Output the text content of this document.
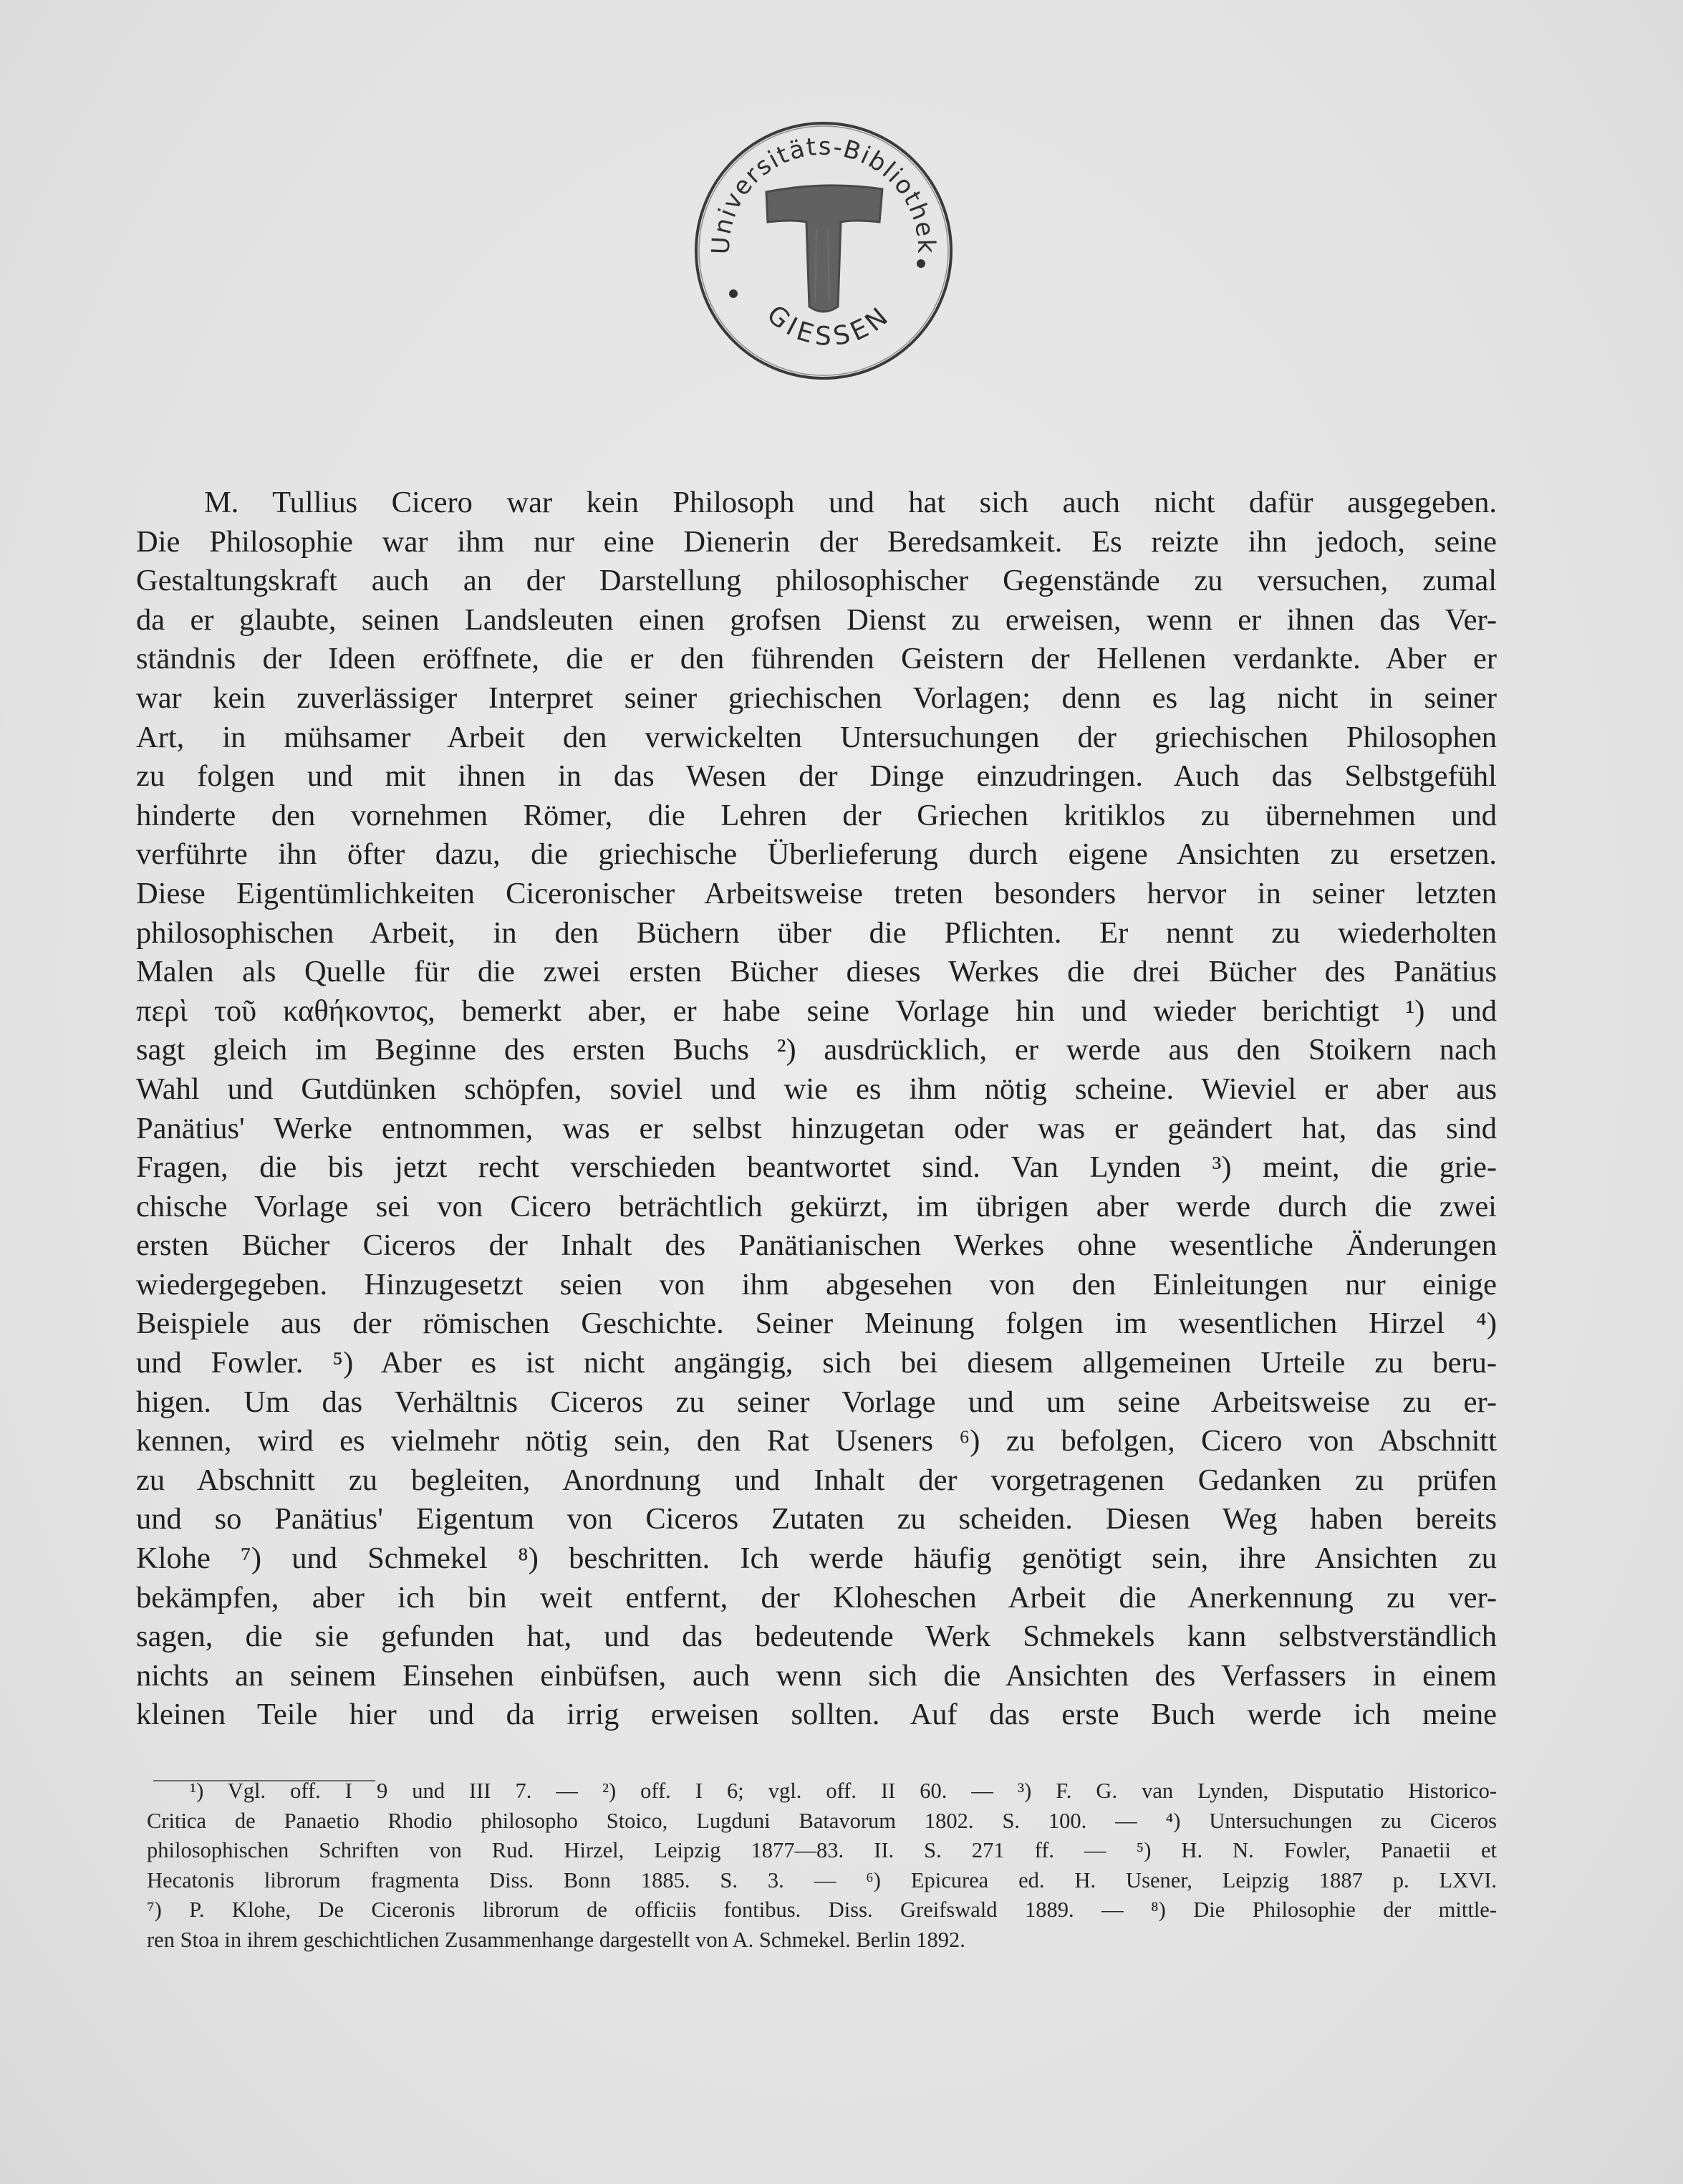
Universitäts-Bibliothek
GIESSEN
M. Tullius Cicero war kein Philosoph und hat sich auch nicht dafür ausgegeben.
Die Philosophie war ihm nur eine Dienerin der Beredsamkeit. Es reizte ihn jedoch, seine
Gestaltungskraft auch an der Darstellung philosophischer Gegenstände zu versuchen, zumal
da er glaubte, seinen Landsleuten einen grofsen Dienst zu erweisen, wenn er ihnen das Ver-
ständnis der Ideen eröffnete, die er den führenden Geistern der Hellenen verdankte. Aber er
war kein zuverlässiger Interpret seiner griechischen Vorlagen; denn es lag nicht in seiner
Art, in mühsamer Arbeit den verwickelten Untersuchungen der griechischen Philosophen
zu folgen und mit ihnen in das Wesen der Dinge einzudringen. Auch das Selbstgefühl
hinderte den vornehmen Römer, die Lehren der Griechen kritiklos zu übernehmen und
verführte ihn öfter dazu, die griechische Überlieferung durch eigene Ansichten zu ersetzen.
Diese Eigentümlichkeiten Ciceronischer Arbeitsweise treten besonders hervor in seiner letzten
philosophischen Arbeit, in den Büchern über die Pflichten. Er nennt zu wiederholten
Malen als Quelle für die zwei ersten Bücher dieses Werkes die drei Bücher des Panätius
περὶ τοῦ καθήκοντος, bemerkt aber, er habe seine Vorlage hin und wieder berichtigt ¹) und
sagt gleich im Beginne des ersten Buchs ²) ausdrücklich, er werde aus den Stoikern nach
Wahl und Gutdünken schöpfen, soviel und wie es ihm nötig scheine. Wieviel er aber aus
Panätius' Werke entnommen, was er selbst hinzugetan oder was er geändert hat, das sind
Fragen, die bis jetzt recht verschieden beantwortet sind. Van Lynden ³) meint, die grie-
chische Vorlage sei von Cicero beträchtlich gekürzt, im übrigen aber werde durch die zwei
ersten Bücher Ciceros der Inhalt des Panätianischen Werkes ohne wesentliche Änderungen
wiedergegeben. Hinzugesetzt seien von ihm abgesehen von den Einleitungen nur einige
Beispiele aus der römischen Geschichte. Seiner Meinung folgen im wesentlichen Hirzel ⁴)
und Fowler. ⁵) Aber es ist nicht angängig, sich bei diesem allgemeinen Urteile zu beru-
higen. Um das Verhältnis Ciceros zu seiner Vorlage und um seine Arbeitsweise zu er-
kennen, wird es vielmehr nötig sein, den Rat Useners ⁶) zu befolgen, Cicero von Abschnitt
zu Abschnitt zu begleiten, Anordnung und Inhalt der vorgetragenen Gedanken zu prüfen
und so Panätius' Eigentum von Ciceros Zutaten zu scheiden. Diesen Weg haben bereits
Klohe ⁷) und Schmekel ⁸) beschritten. Ich werde häufig genötigt sein, ihre Ansichten zu
bekämpfen, aber ich bin weit entfernt, der Kloheschen Arbeit die Anerkennung zu ver-
sagen, die sie gefunden hat, und das bedeutende Werk Schmekels kann selbstverständlich
nichts an seinem Einsehen einbüfsen, auch wenn sich die Ansichten des Verfassers in einem
kleinen Teile hier und da irrig erweisen sollten. Auf das erste Buch werde ich meine
¹) Vgl. off. I 9 und III 7. — ²) off. I 6; vgl. off. II 60. — ³) F. G. van Lynden, Disputatio Historico-
Critica de Panaetio Rhodio philosopho Stoico, Lugduni Batavorum 1802. S. 100. — ⁴) Untersuchungen zu Ciceros
philosophischen Schriften von Rud. Hirzel, Leipzig 1877—83. II. S. 271 ff. — ⁵) H. N. Fowler, Panaetii et
Hecatonis librorum fragmenta Diss. Bonn 1885. S. 3. — ⁶) Epicurea ed. H. Usener, Leipzig 1887 p. LXVI.
⁷) P. Klohe, De Ciceronis librorum de officiis fontibus. Diss. Greifswald 1889. — ⁸) Die Philosophie der mittle-
ren Stoa in ihrem geschichtlichen Zusammenhange dargestellt von A. Schmekel. Berlin 1892.
